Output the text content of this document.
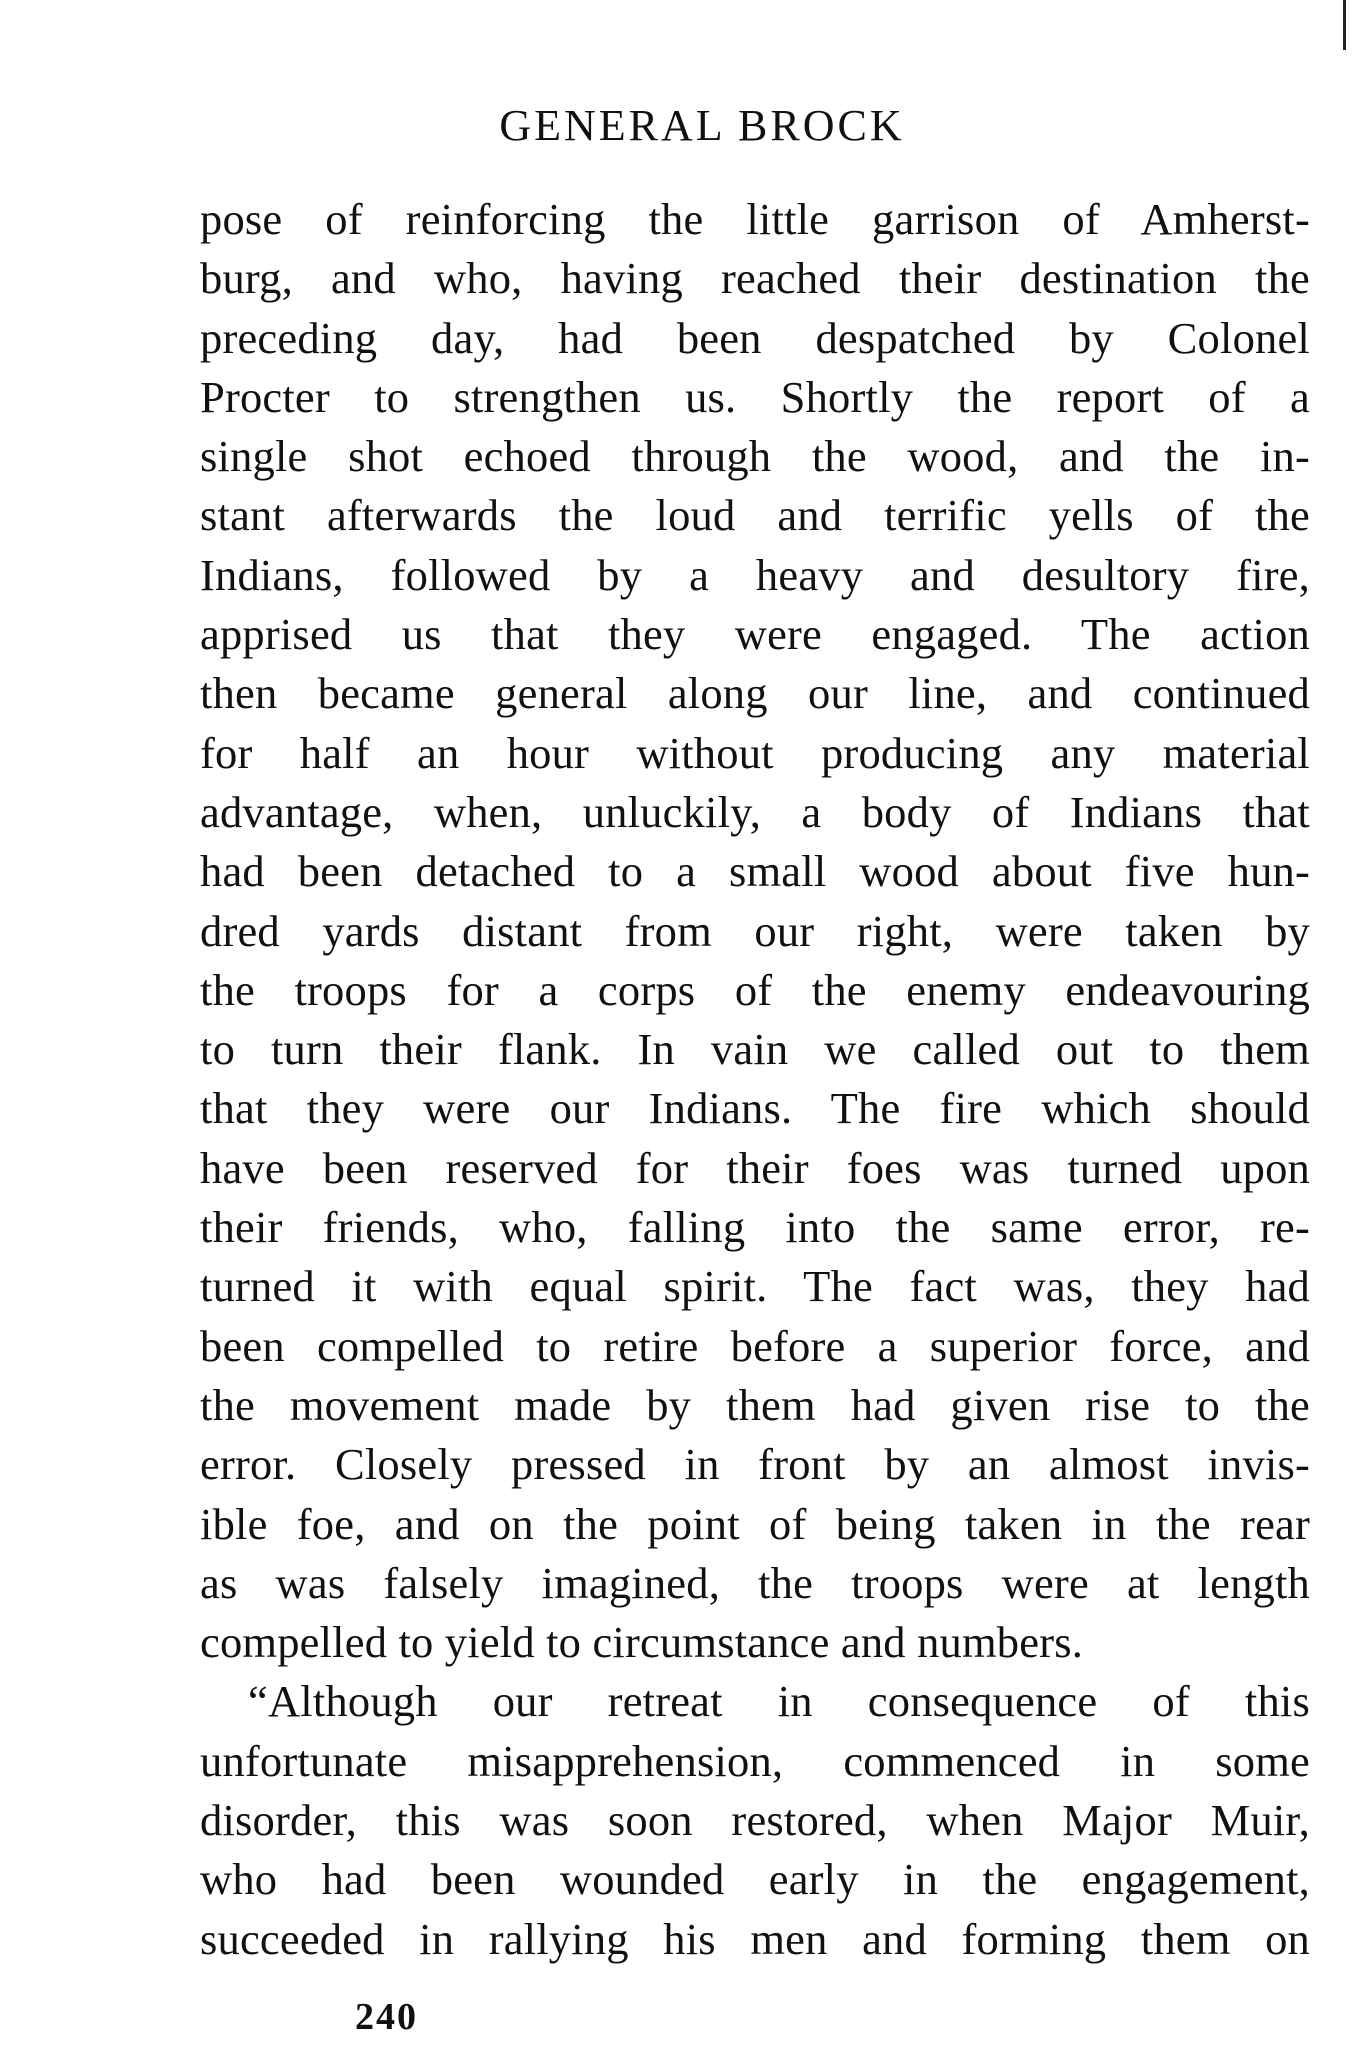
GENERAL BROCK
pose of reinforcing the little garrison of Amherst-
burg, and who, having reached their destination the
preceding day, had been despatched by Colonel
Procter to strengthen us. Shortly the report of a
single shot echoed through the wood, and the in-
stant afterwards the loud and terrific yells of the
Indians, followed by a heavy and desultory fire,
apprised us that they were engaged. The action
then became general along our line, and continued
for half an hour without producing any material
advantage, when, unluckily, a body of Indians that
had been detached to a small wood about five hun-
dred yards distant from our right, were taken by
the troops for a corps of the enemy endeavouring
to turn their flank. In vain we called out to them
that they were our Indians. The fire which should
have been reserved for their foes was turned upon
their friends, who, falling into the same error, re-
turned it with equal spirit. The fact was, they had
been compelled to retire before a superior force, and
the movement made by them had given rise to the
error. Closely pressed in front by an almost invis-
ible foe, and on the point of being taken in the rear
as was falsely imagined, the troops were at length
compelled to yield to circumstance and numbers.
“Although our retreat in consequence of this
unfortunate misapprehension, commenced in some
disorder, this was soon restored, when Major Muir,
who had been wounded early in the engagement,
succeeded in rallying his men and forming them on
240
